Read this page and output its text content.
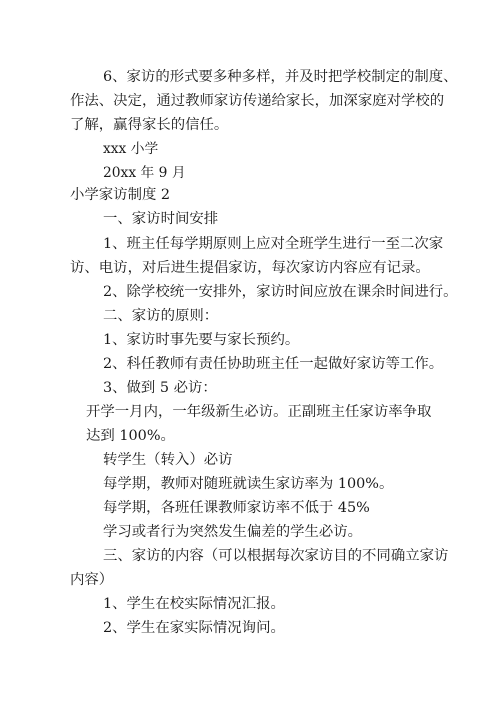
6、家访的形式要多种多样，并及时把学校制定的制度、
作法、决定，通过教师家访传递给家长，加深家庭对学校的
了解，赢得家长的信任。
xxx 小学
20xx 年 9 月
小学家访制度 2
一、家访时间安排
1、班主任每学期原则上应对全班学生进行一至二次家
访、电访，对后进生提倡家访，每次家访内容应有记录。
2、除学校统一安排外，家访时间应放在课余时间进行。
二、家访的原则：
1、家访时事先要与家长预约。
2、科任教师有责任协助班主任一起做好家访等工作。
3、做到 5 必访：
开学一月内，一年级新生必访。正副班主任家访率争取
达到 100%。
转学生（转入）必访
每学期，教师对随班就读生家访率为 100%。
每学期，各班任课教师家访率不低于 45%
学习或者行为突然发生偏差的学生必访。
三、家访的内容（可以根据每次家访目的不同确立家访
内容）
1、学生在校实际情况汇报。
2、学生在家实际情况询问。
